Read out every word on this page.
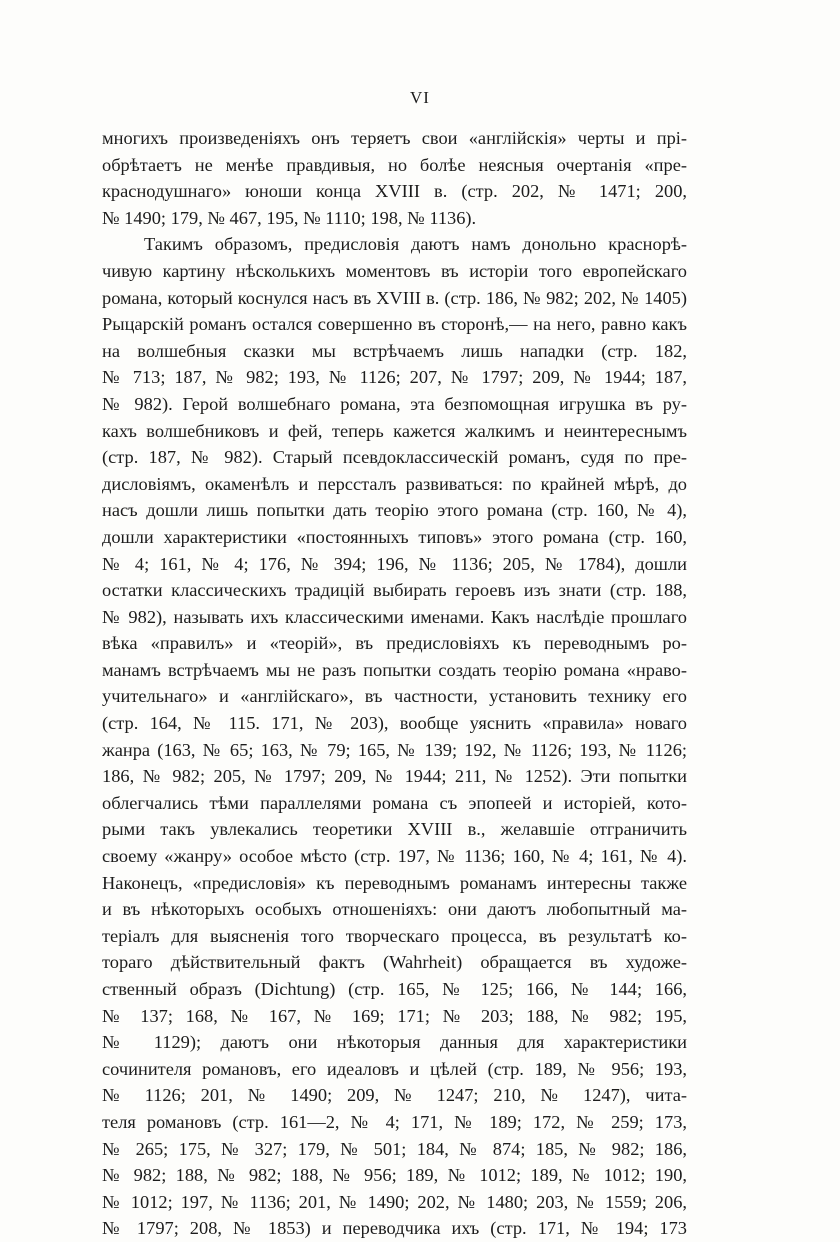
VI
многихъ произведеніяхъ онъ теряетъ свои «англійскія» черты и прі-
обрѣтаетъ не менѣе правдивыя, но болѣе неясныя очертанія «пре-
краснодушнаго» юноши конца XVIII в. (стр. 202, № 1471; 200,
№ 1490; 179, № 467, 195, № 1110; 198, № 1136).
Такимъ образомъ, предисловія даютъ намъ донольно краснорѣ-
чивую картину нѣсколькихъ моментовъ въ исторіи того европейскаго
романа, который коснулся насъ въ XVIII в. (стр. 186, № 982; 202, № 1405)
Рыцарскій романъ остался совершенно въ сторонѣ,— на него, равно какъ
на волшебныя сказки мы встрѣчаемъ лишь нападки (стр. 182,
№ 713; 187, № 982; 193, № 1126; 207, № 1797; 209, № 1944; 187,
№ 982). Герой волшебнаго романа, эта безпомощная игрушка въ ру-
кахъ волшебниковъ и фей, теперь кажется жалкимъ и неинтереснымъ
(стр. 187, № 982). Старый псевдоклассическій романъ, судя по пре-
дисловіямъ, окаменѣлъ и перссталъ развиваться: по крайней мѣрѣ, до
насъ дошли лишь попытки дать теорію этого романа (стр. 160, № 4),
дошли характеристики «постоянныхъ типовъ» этого романа (стр. 160,
№ 4; 161, № 4; 176, № 394; 196, № 1136; 205, № 1784), дошли
остатки классическихъ традицій выбирать героевъ изъ знати (стр. 188,
№ 982), называть ихъ классическими именами. Какъ наслѣдіе прошлаго
вѣка «правилъ» и «теорій», въ предисловіяхъ къ переводнымъ ро-
манамъ встрѣчаемъ мы не разъ попытки создать теорію романа «нраво-
учительнаго» и «англійскаго», въ частности, установить технику его
(стр. 164, № 115. 171, № 203), вообще уяснить «правила» новаго
жанра (163, № 65; 163, № 79; 165, № 139; 192, № 1126; 193, № 1126;
186, № 982; 205, № 1797; 209, № 1944; 211, № 1252). Эти попытки
облегчались тѣми параллелями романа съ эпопеей и исторіей, кото-
рыми такъ увлекались теоретики XVIII в., желавшіе отграничить
своему «жанру» особое мѣсто (стр. 197, № 1136; 160, № 4; 161, № 4).
Наконецъ, «предисловія» къ переводнымъ романамъ интересны также
и въ нѣкоторыхъ особыхъ отношеніяхъ: они даютъ любопытный ма-
теріалъ для выясненія того творческаго процесса, въ результатѣ ко-
тораго дѣйствительный фактъ (Wahrheit) обращается въ художе-
ственный образъ (Dichtung) (стр. 165, № 125; 166, № 144; 166,
№ 137; 168, № 167, № 169; 171; № 203; 188, № 982; 195,
№ 1129); даютъ они нѣкоторыя данныя для характеристики
сочинителя романовъ, его идеаловъ и цѣлей (стр. 189, № 956; 193,
№ 1126; 201, № 1490; 209, № 1247; 210, № 1247), чита-
теля романовъ (стр. 161—2, № 4; 171, № 189; 172, № 259; 173,
№ 265; 175, № 327; 179, № 501; 184, № 874; 185, № 982; 186,
№ 982; 188, № 982; 188, № 956; 189, № 1012; 189, № 1012; 190,
№ 1012; 197, № 1136; 201, № 1490; 202, № 1480; 203, № 1559; 206,
№ 1797; 208, № 1853) и переводчика ихъ (стр. 171, № 194; 173
